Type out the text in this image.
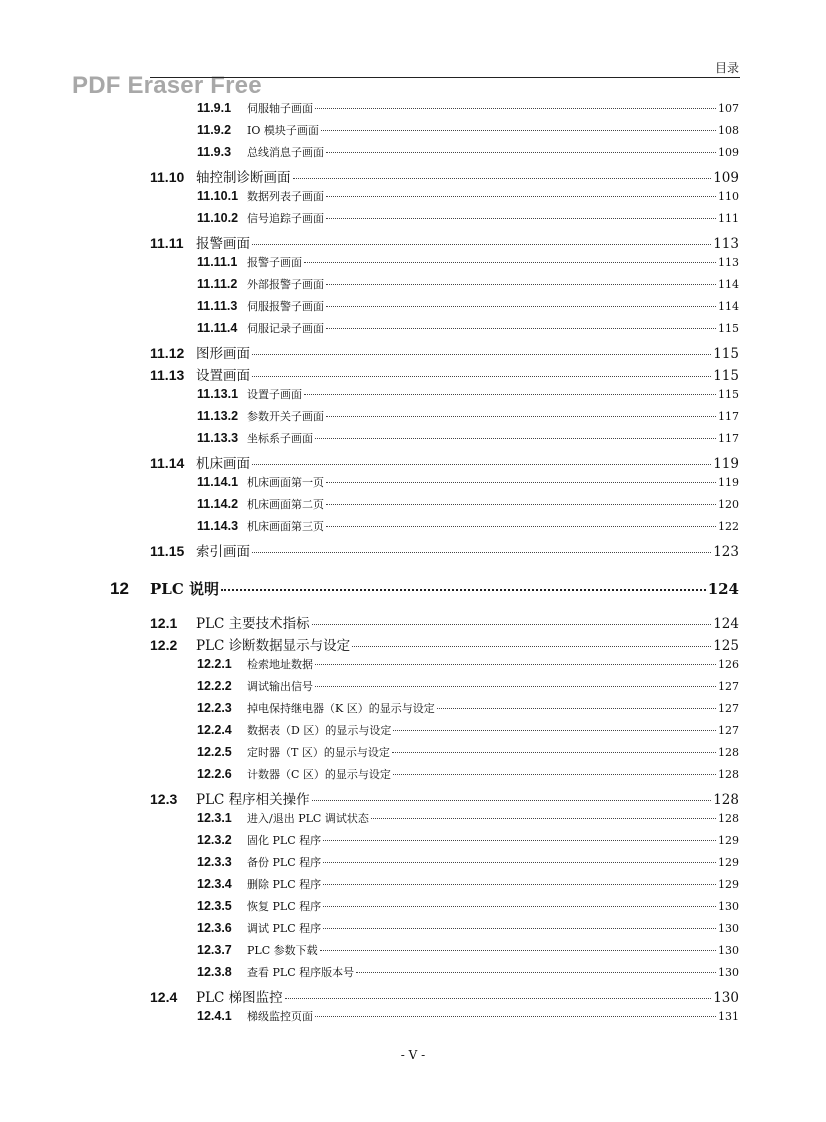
PDF Eraser Free
目录
11.9.1	伺服轴子画面	107
11.9.2	IO 模块子画面	108
11.9.3	总线消息子画面	109
11.10 轴控制诊断画面	109
11.10.1 数据列表子画面	110
11.10.2 信号追踪子画面	111
11.11 报警画面	113
11.11.1 报警子画面	113
11.11.2 外部报警子画面	114
11.11.3 伺服报警子画面	114
11.11.4 伺服记录子画面	115
11.12 图形画面	115
11.13 设置画面	115
11.13.1 设置子画面	115
11.13.2 参数开关子画面	117
11.13.3 坐标系子画面	117
11.14 机床画面	119
11.14.1 机床画面第一页	119
11.14.2 机床画面第二页	120
11.14.3 机床画面第三页	122
11.15 索引画面	123
12	PLC 说明	124
12.1	PLC 主要技术指标	124
12.2	PLC 诊断数据显示与设定	125
12.2.1	检索地址数据	126
12.2.2	调试输出信号	127
12.2.3	掉电保持继电器（K 区）的显示与设定	127
12.2.4	数据表（D 区）的显示与设定	127
12.2.5	定时器（T 区）的显示与设定	128
12.2.6	计数器（C 区）的显示与设定	128
12.3	PLC 程序相关操作	128
12.3.1	进入/退出 PLC 调试状态	128
12.3.2	固化 PLC 程序	129
12.3.3	备份 PLC 程序	129
12.3.4	删除 PLC 程序	129
12.3.5	恢复 PLC 程序	130
12.3.6	调试 PLC 程序	130
12.3.7	PLC 参数下载	130
12.3.8	查看 PLC 程序版本号	130
12.4	PLC 梯图监控	130
12.4.1	梯级监控页面	131
- V -
